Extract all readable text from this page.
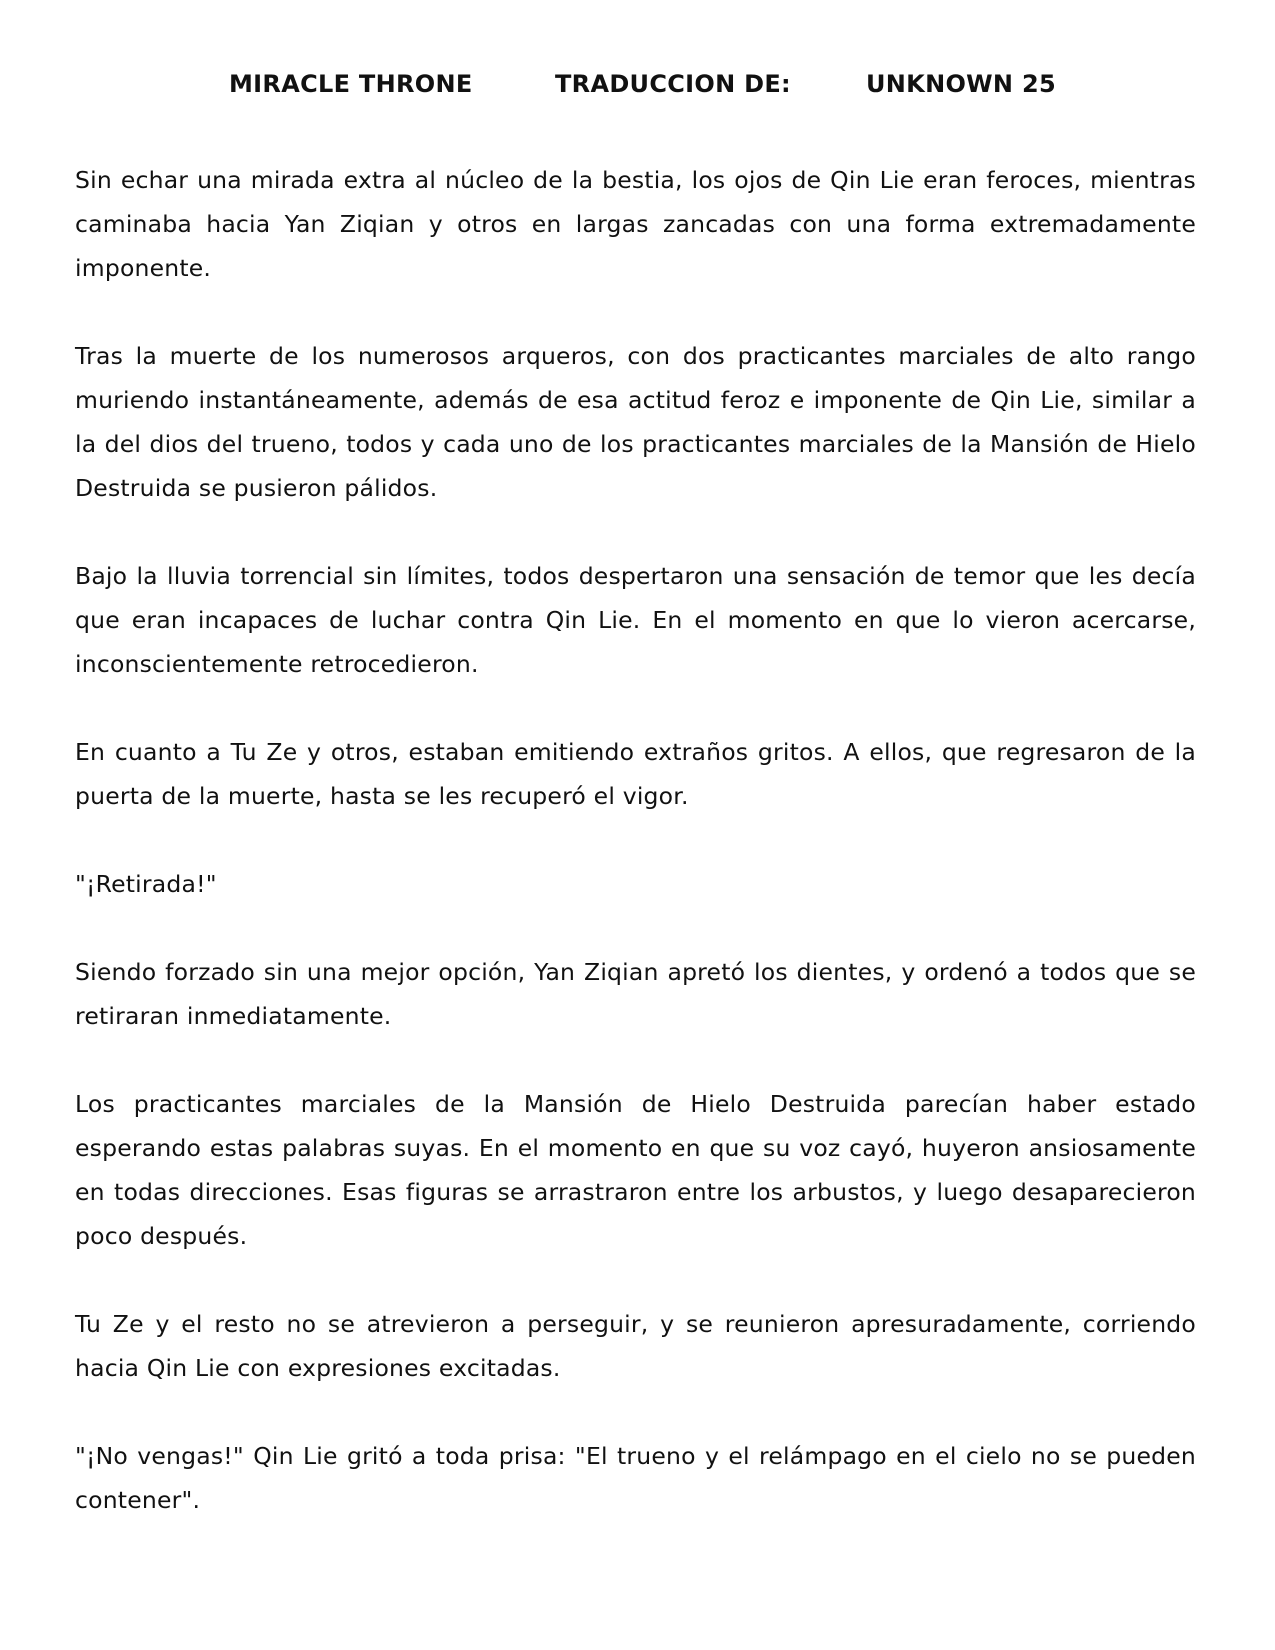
MIRACLE THRONE	TRADUCCION DE:	UNKNOWN 25

Sin echar una mirada extra al núcleo de la bestia, los ojos de Qin Lie eran feroces, mientras caminaba hacia Yan Ziqian y otros en largas zancadas con una forma extremadamente imponente.

Tras la muerte de los numerosos arqueros, con dos practicantes marciales de alto rango muriendo instantáneamente, además de esa actitud feroz e imponente de Qin Lie, similar a la del dios del trueno, todos y cada uno de los practicantes marciales de la Mansión de Hielo Destruida se pusieron pálidos.

Bajo la lluvia torrencial sin límites, todos despertaron una sensación de temor que les decía que eran incapaces de luchar contra Qin Lie. En el momento en que lo vieron acercarse, inconscientemente retrocedieron.

En cuanto a Tu Ze y otros, estaban emitiendo extraños gritos. A ellos, que regresaron de la puerta de la muerte, hasta se les recuperó el vigor.

"¡Retirada!"

Siendo forzado sin una mejor opción, Yan Ziqian apretó los dientes, y ordenó a todos que se retiraran inmediatamente.

Los practicantes marciales de la Mansión de Hielo Destruida parecían haber estado esperando estas palabras suyas. En el momento en que su voz cayó, huyeron ansiosamente en todas direcciones. Esas figuras se arrastraron entre los arbustos, y luego desaparecieron poco después.

Tu Ze y el resto no se atrevieron a perseguir, y se reunieron apresuradamente, corriendo hacia Qin Lie con expresiones excitadas.

"¡No vengas!" Qin Lie gritó a toda prisa: "El trueno y el relámpago en el cielo no se pueden contener".
